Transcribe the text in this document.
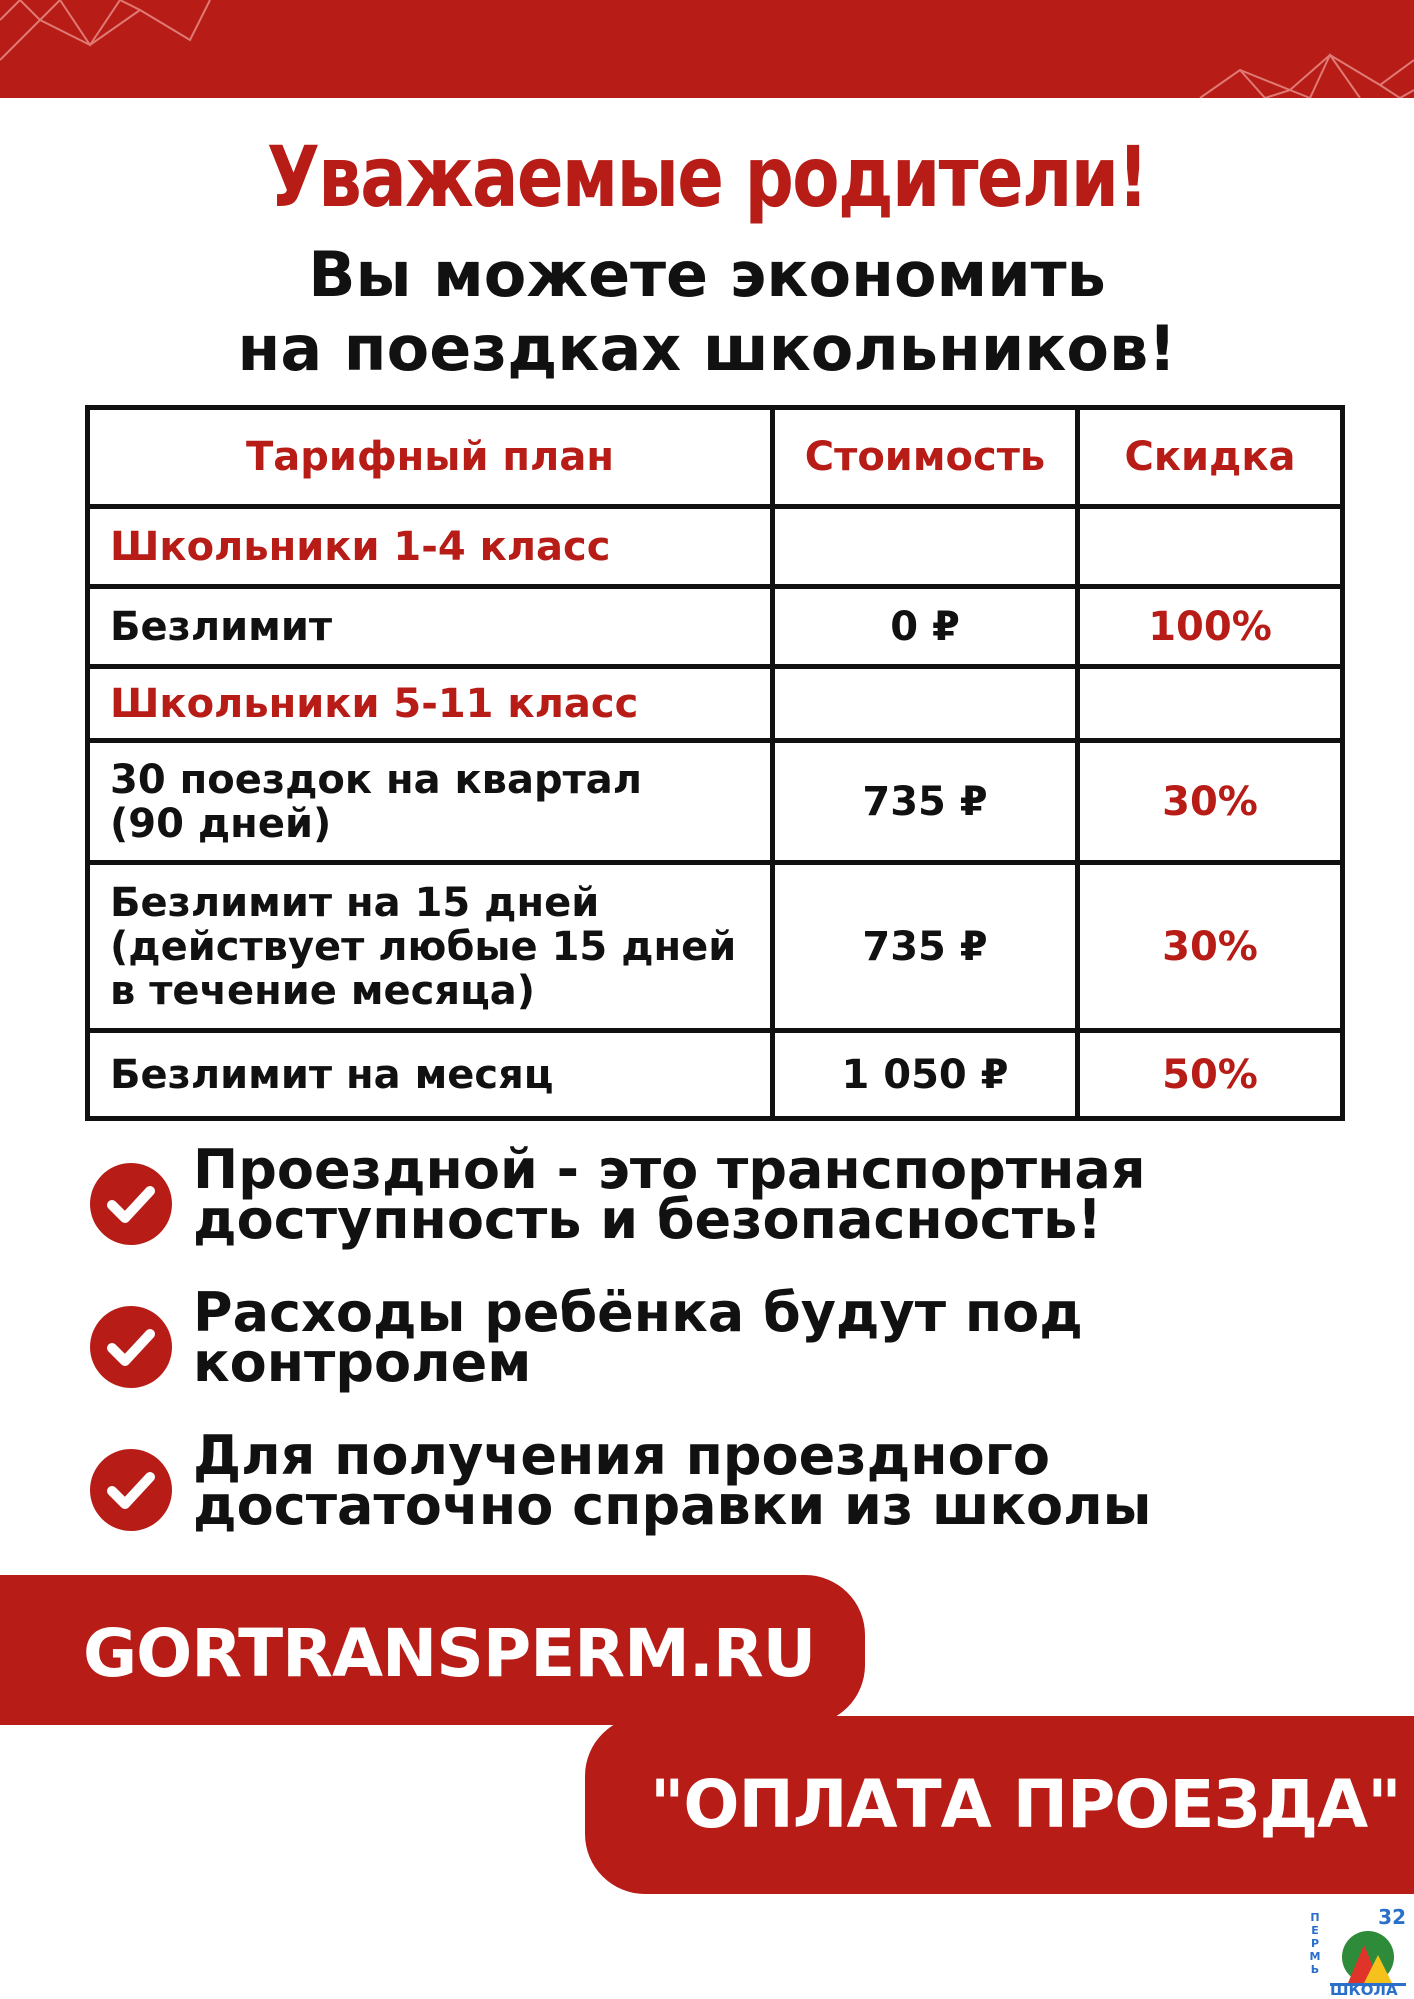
Уважаемые родители!
Вы можете экономить
на поездках школьников!
Тарифный план	Стоимость	Скидка
Школьники 1-4 класс		
Безлимит	0 ₽	100%
Школьники 5-11 класс		
30 поездок на квартал
(90 дней)	735 ₽	30%
Безлимит на 15 дней
(действует любые 15 дней
в течение месяца)	735 ₽	30%
Безлимит на месяц	1 050 ₽	50%
Проездной - это транспортная
доступность и безопасность!
Расходы ребёнка будут под
контролем
Для получения проездного
достаточно справки из школы
GORTRANSPERM.RU
"ОПЛАТА ПРОЕЗДА"
П
Е
Р
М
Ь
32
ШКОЛА
